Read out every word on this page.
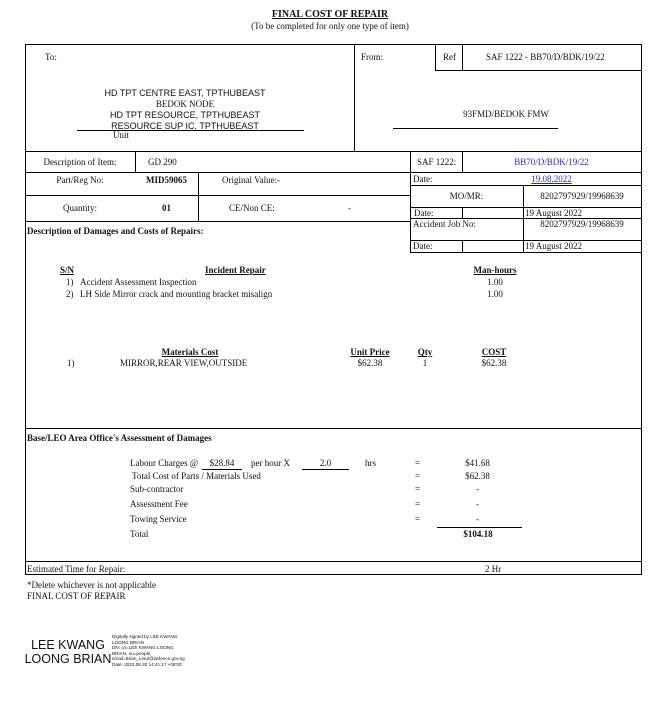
FINAL COST OF REPAIR
(To be completed for only one type of item)
To:
HD TPT CENTRE EAST, TPTHUBEAST
BEDOK NODE
HD TPT RESOURCE, TPTHUBEAST
RESOURCE SUP IC, TPTHUBEAST
Unit
From:
93FMD/BEDOK FMW
Ref	SAF 1222 - BB70/D/BDK/19/22
Description of Item:	GD 290
Part/Reg No:	MID59065	Original Value:-
Quantity:	01	CE/Non CE:	-
SAF 1222:	BB70/D/BDK/19/22
Date:	19.08.2022
MO/MR:	8202797929/19968639
Date:	19 August 2022
Accident Job No:	8202797929/19968639
Date:	19 August 2022
Description of Damages and Costs of Repairs:
S/N	Incident Repair	Man-hours
1) Accident Assessment Inspection	1.00
2) LH Side Mirror crack and mounting bracket misalign	1.00
Materials Cost	Unit Price	Qty	COST
1)	MIRROR,REAR VIEW,OUTSIDE	$62.38	1	$62.38
Base/LEO Area Office's Assessment of Damages
Labour Charges @	$28.84	per hour X	2.0	hrs	=	$41.68
Total Cost of Parts / Materials Used	=	$62.38
Sub-contractor	=	-
Assessment Fee	=	-
Towing Service	=	-
Total	$104.18
Estimated Time for Repair:	2 Hr
*Delete whichever is not applicable
FINAL COST OF REPAIR
LEE KWANG
LOONG BRIAN
Digitally signed by LEE KWANG
LOONG BRIAN
DN: cn=LEE KWANG LOONG
BRIAN, ou=people,
email=Brian_Lee2@defence.gov.sg
Date: 2022.08.30 14:41:17 +08'00'
